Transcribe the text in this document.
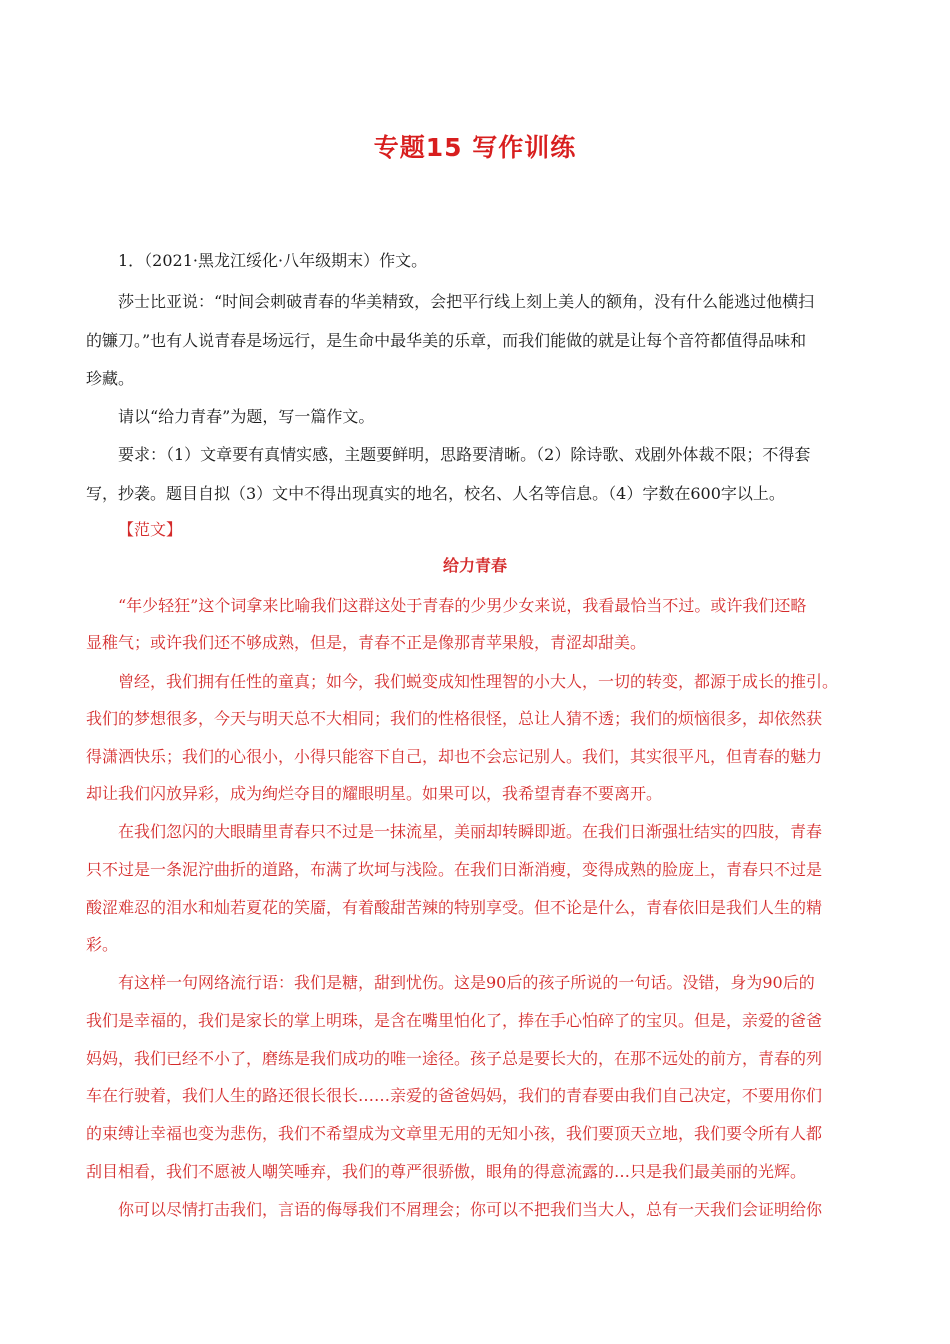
专题15 写作训练
1．（2021·黑龙江绥化·八年级期末）作文。
莎士比亚说：“时间会刺破青春的华美精致，会把平行线上刻上美人的额角，没有什么能逃过他横扫
的镰刀。”也有人说青春是场远行，是生命中最华美的乐章，而我们能做的就是让每个音符都值得品味和
珍藏。
请以“给力青春”为题，写一篇作文。
要求：（1）文章要有真情实感，主题要鲜明，思路要清晰。（2）除诗歌、戏剧外体裁不限；不得套
写，抄袭。题目自拟（3）文中不得出现真实的地名，校名、人名等信息。（4）字数在600字以上。
【范文】
给力青春
“年少轻狂”这个词拿来比喻我们这群这处于青春的少男少女来说，我看最恰当不过。或许我们还略
显稚气；或许我们还不够成熟，但是，青春不正是像那青苹果般，青涩却甜美。
曾经，我们拥有任性的童真；如今，我们蜕变成知性理智的小大人，一切的转变，都源于成长的推引。
我们的梦想很多，今天与明天总不大相同；我们的性格很怪，总让人猜不透；我们的烦恼很多，却依然获
得潇洒快乐；我们的心很小，小得只能容下自己，却也不会忘记别人。我们，其实很平凡，但青春的魅力
却让我们闪放异彩，成为绚烂夺目的耀眼明星。如果可以，我希望青春不要离开。
在我们忽闪的大眼睛里青春只不过是一抹流星，美丽却转瞬即逝。在我们日渐强壮结实的四肢，青春
只不过是一条泥泞曲折的道路，布满了坎坷与浅险。在我们日渐消瘦，变得成熟的脸庞上，青春只不过是
酸涩难忍的泪水和灿若夏花的笑靥，有着酸甜苦辣的特别享受。但不论是什么，青春依旧是我们人生的精
彩。
有这样一句网络流行语：我们是糖，甜到忧伤。这是90后的孩子所说的一句话。没错，身为90后的
我们是幸福的，我们是家长的掌上明珠，是含在嘴里怕化了，捧在手心怕碎了的宝贝。但是，亲爱的爸爸
妈妈，我们已经不小了，磨练是我们成功的唯一途径。孩子总是要长大的，在那不远处的前方，青春的列
车在行驶着，我们人生的路还很长很长……亲爱的爸爸妈妈，我们的青春要由我们自己决定，不要用你们
的束缚让幸福也变为悲伤，我们不希望成为文章里无用的无知小孩，我们要顶天立地，我们要令所有人都
刮目相看，我们不愿被人嘲笑唾弃，我们的尊严很骄傲，眼角的得意流露的…只是我们最美丽的光辉。
你可以尽情打击我们，言语的侮辱我们不屑理会；你可以不把我们当大人，总有一天我们会证明给你
